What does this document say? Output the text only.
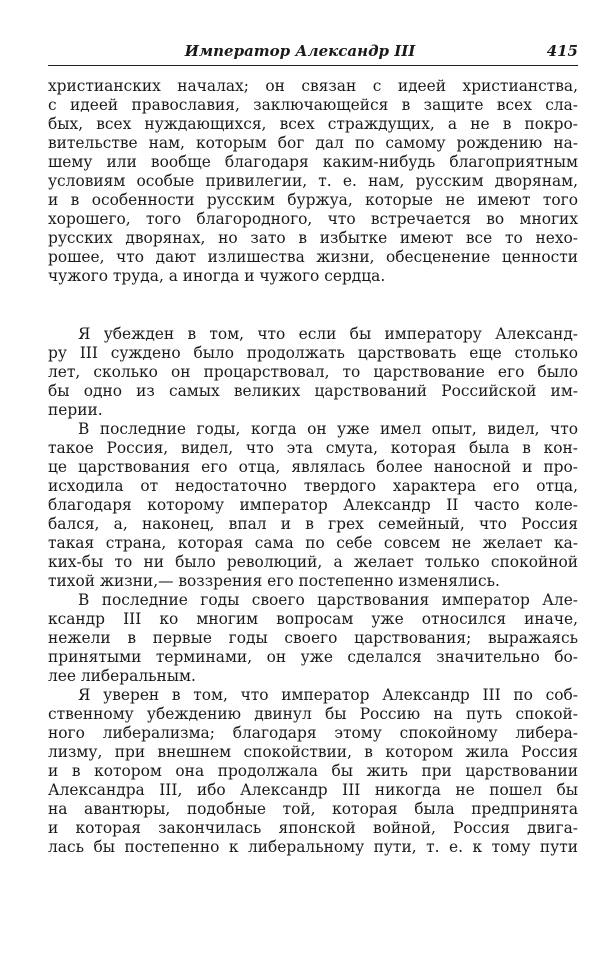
Император Александр III	415
христианских началах; он связан с идеей христианства,
с идеей православия, заключающейся в защите всех сла-
бых, всех нуждающихся, всех страждущих, а не в покро-
вительстве нам, которым бог дал по самому рождению на-
шему или вообще благодаря каким-нибудь благоприятным
условиям особые привилегии, т. е. нам, русским дворянам,
и в особенности русским буржуа, которые не имеют того
хорошего, того благородного, что встречается во многих
русских дворянах, но зато в избытке имеют все то нехо-
рошее, что дают излишества жизни, обесценение ценности
чужого труда, а иногда и чужого сердца.
Я убежден в том, что если бы императору Александ-
ру III суждено было продолжать царствовать еще столько
лет, сколько он процарствовал, то царствование его было
бы одно из самых великих царствований Российской им-
перии.
В последние годы, когда он уже имел опыт, видел, что
такое Россия, видел, что эта смута, которая была в кон-
це царствования его отца, являлась более наносной и про-
исходила от недостаточно твердого характера его отца,
благодаря которому император Александр II часто коле-
бался, а, наконец, впал и в грех семейный, что Россия
такая страна, которая сама по себе совсем не желает ка-
ких-бы то ни было революций, а желает только спокойной
тихой жизни,— воззрения его постепенно изменялись.
В последние годы своего царствования император Але-
ксандр III ко многим вопросам уже относился иначе,
нежели в первые годы своего царствования; выражаясь
принятыми терминами, он уже сделался значительно бо-
лее либеральным.
Я уверен в том, что император Александр III по соб-
ственному убеждению двинул бы Россию на путь спокой-
ного либерализма; благодаря этому спокойному либера-
лизму, при внешнем спокойствии, в котором жила Россия
и в котором она продолжала бы жить при царствовании
Александра III, ибо Александр III никогда не пошел бы
на авантюры, подобные той, которая была предпринята
и которая закончилась японской войной, Россия двига-
лась бы постепенно к либеральному пути, т. е. к тому пути
